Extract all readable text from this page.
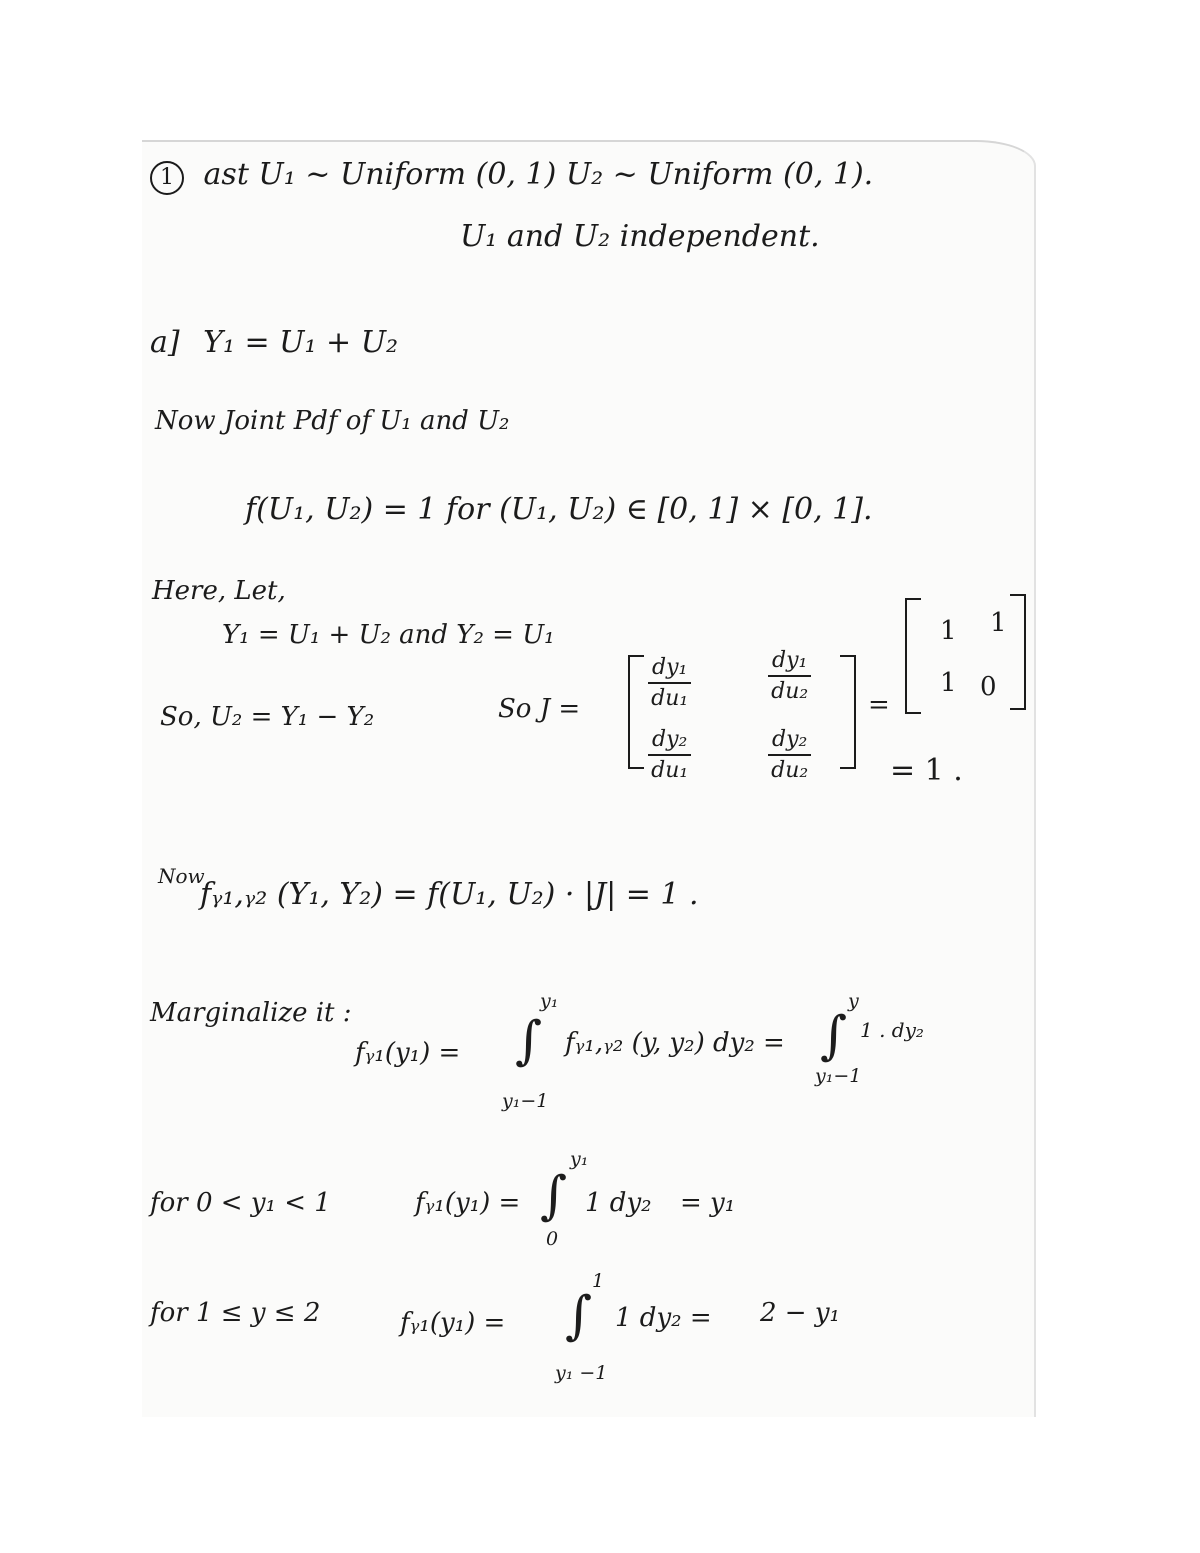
1 ast U₁ ~ Uniform (0, 1) U₂ ~ Uniform (0, 1).
U₁ and U₂ independent.
a] Y₁ = U₁ + U₂
Now Joint Pdf of U₁ and U₂
f(U₁, U₂) = 1 for (U₁, U₂) ∈ [0, 1] × [0, 1].
Here, Let,
Y₁ = U₁ + U₂ and Y₂ = U₁
So, U₂ = Y₁ − Y₂	So J =	$\frac{\text{dy₁}}{\text{du₁}}$	$\frac{\text{dy₁}}{\text{du₂}}$
$\frac{\text{dy₂}}{\text{du₁}}$	$\frac{\text{dy₂}}{\text{du₂}}$
=
1 1
1 0
= 1 .
Now
fᵧ₁,ᵧ₂ (Y₁, Y₂) = f(U₁, U₂) · |J| = 1 .
Marginalize it :
fᵧ₁(y₁) =
y₁
∫
y₁−1
fᵧ₁,ᵧ₂ (y, y₂) dy₂ =
y
∫
y₁−1
1 . dy₂
for 0 < y₁ < 1	fᵧ₁(y₁) =
y₁
∫
0
1 dy₂ = y₁
for 1 ≤ y ≤ 2	fᵧ₁(y₁) =
1
∫
y₁ −1
1 dy₂ = 2 − y₁
